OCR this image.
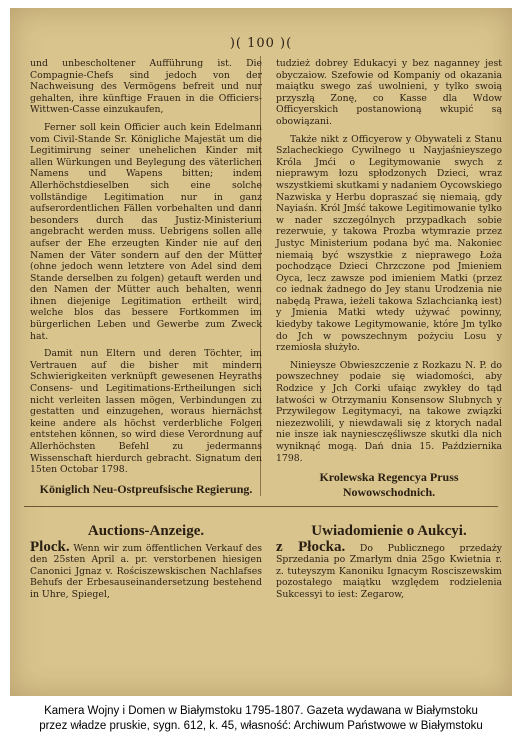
)( 100 )(

und unbescholtener Aufführung ist. Die Compagnie-Chefs sind jedoch von der Nachweisung des Vermögens befreit und nur gehalten, ihre künftige Frauen in die Officiers-Wittwen-Casse einzukaufen,

Ferner soll kein Officier auch kein Edelmann vom Civil-Stande Sr. Königliche Majestät um die Legitimirung seiner unehelichen Kinder mit allen Würkungen und Beylegung des väterlichen Namens und Wapens bitten; indem Allerhöchstdieselben sich eine solche vollständige Legitimation nur in ganz aufserordentlichen Fällen vorbehalten und dann besonders durch das Justiz-Ministerium angebracht werden muss. Uebrigens sollen alle aufser der Ehe erzeugten Kinder nie auf den Namen der Väter sondern auf den der Mütter (ohne jedoch wenn letztere von Adel sind dem Stande derselben zu folgen) getauft werden und den Namen der Mütter auch behalten, wenn ihnen diejenige Legitimation ertheilt wird, welche blos das bessere Fortkommen im bürgerlichen Leben und Gewerbe zum Zweck hat.

Damit nun Eltern und deren Töchter, im Vertrauen auf die bisher mit mindern Schwierigkeiten verknüpft gewesenen Heyraths Consens- und Legitimations-Ertheilungen sich nicht verleiten lassen mögen, Verbindungen zu gestatten und einzugehen, woraus hiernächst keine andere als höchst verderbliche Folgen entstehen können, so wird diese Verordnung auf Allerhöchsten Befehl zu jedermanns Wissenschaft hierdurch gebracht. Signatum den 15ten Octobar 1798.

Königlich Neu-Ostpreufsische Regierung.

tudzież dobrey Edukacyi y bez naganney jest obyczaiow. Szefowie od Kompaniy od okazania maiątku swego zaś uwolnieni, y tylko swoią przyszłą Zonę, co Kasse dla Wdow Officyerskich postanowioną wkupić są obowiązani.

Także nikt z Officyerow y Obywateli z Stanu Szlacheckiego Cywilnego u Nayjaśnieyszego Króla Jmći o Legitymowanie swych z nieprawym łozu spłodzonych Dzieci, wraz wszystkiemi skutkami y nadaniem Oycowskiego Nazwiska y Herbu dopraszać się niemaią, gdy Nayiaśn. Król Jmść takowe Legitimowanie tylko w nader szczególnych przypadkach sobie rezerwuie, y takowa Prozba wtymrazie przez Justyc Ministerium podana być ma. Nakoniec niemaią być wszystkie z nieprawego Łoża pochodzące Dzieci Chrzczone pod Jmieniem Oyca, lecz zawsze pod imieniem Matki (przez co iednak żadnego do Jey stanu Urodzenia nie nabędą Prawa, ieżeli takowa Szlachcianką iest) y Jmienia Matki wtedy używać powinny, kiedyby takowe Legitymowanie, które Jm tylko do Jch w powszechnym pożyciu Losu y rzemiosła służyło.

Ninieysze Obwieszczenie z Rozkazu N. P. do powszechney podaie się wiadomości, aby Rodzice y Jch Corki ufaiąc zwykłey do tąd łatwości w Otrzymaniu Konsensow Slubnych y Przywilegow Legitymacyi, na takowe związki niezezwolili, y niewdawali się z ktorych nadal nie insze iak nayniesczęśliwsze skutki dla nich wyniknąć mogą. Dań dnia 15. Października 1798.

Krolewska Regencya Pruss Nowowschodnich.
Auctions-Anzeige.

Plock. Wenn wir zum öffentlichen Verkauf des den 25sten April a. pr. verstorbenen hiesigen Canonici Jgnaz v. Rościszewskischen Nachlafses Behufs der Erbesauseinandersetzung bestehend in Uhre, Spiegel,

Uwiadomienie o Aukcyi.

z Płocka. Do Publicznego przedaży Sprzedania po Zmarłym dnia 25go Kwietnia r. z. tuteyszym Kanoniku Ignacym Rosciszewskim pozostałego maiątku względem rodzielenia Sukcessyi to iest: Zegarow,

Kamera Wojny i Domen w Białymstoku 1795-1807. Gazeta wydawana w Białymstoku
przez władze pruskie, sygn. 612, k. 45, własność: Archiwum Państwowe w Białymstoku
